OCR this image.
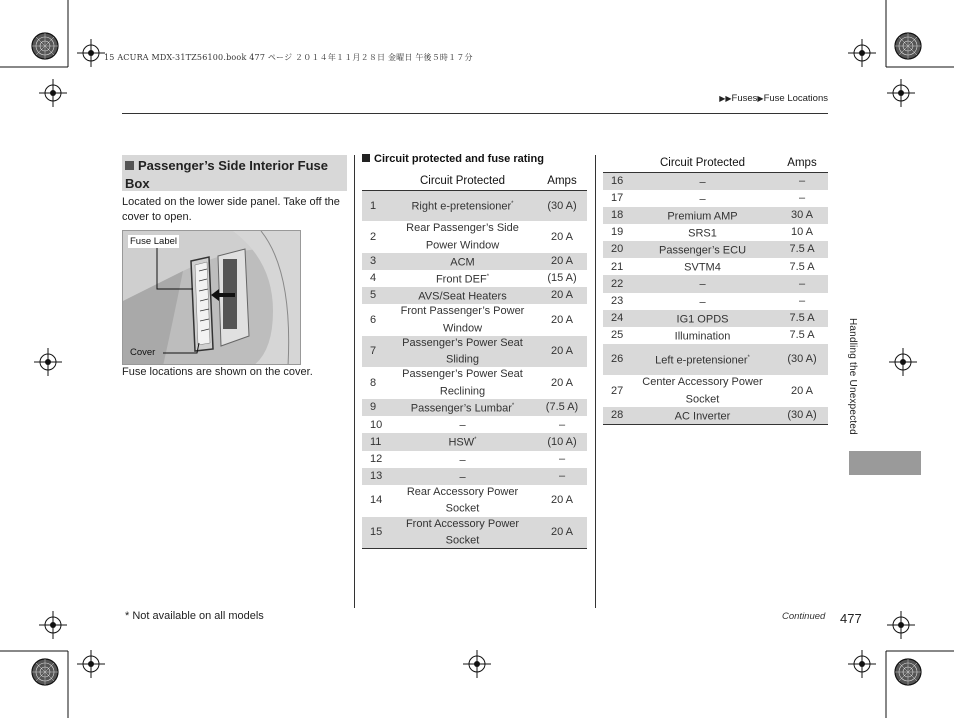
15 ACURA MDX-31TZ56100.book 477 ページ ２０１４年１１月２８日 金曜日 午後５時１７分
▶▶Fuses▶Fuse Locations
Passenger’s Side Interior Fuse Box
Located on the lower side panel. Take off the cover to open.
Fuse Label
Cover
Fuse locations are shown on the cover.
Circuit protected and fuse rating
	Circuit Protected	Amps
1	Right e-pretensioner*	(30 A)
2	Rear Passenger’s Side Power Window	20 A
3	ACM	20 A
4	Front DEF*	(15 A)
5	AVS/Seat Heaters	20 A
6	Front Passenger’s Power Window	20 A
7	Passenger’s Power Seat Sliding	20 A
8	Passenger’s Power Seat Reclining	20 A
9	Passenger’s Lumbar*	(7.5 A)
10	–	–
11	HSW*	(10 A)
12	–	–
13	–	–
14	Rear Accessory Power Socket	20 A
15	Front Accessory Power Socket	20 A
	Circuit Protected	Amps
16	–	–
17	–	–
18	Premium AMP	30 A
19	SRS1	10 A
20	Passenger’s ECU	7.5 A
21	SVTM4	7.5 A
22	–	–
23	–	–
24	IG1 OPDS	7.5 A
25	Illumination	7.5 A
26	Left e-pretensioner*	(30 A)
27	Center Accessory Power Socket	20 A
28	AC Inverter	(30 A)	Handling the Unexpected
* Not available on all models	Continued 477
